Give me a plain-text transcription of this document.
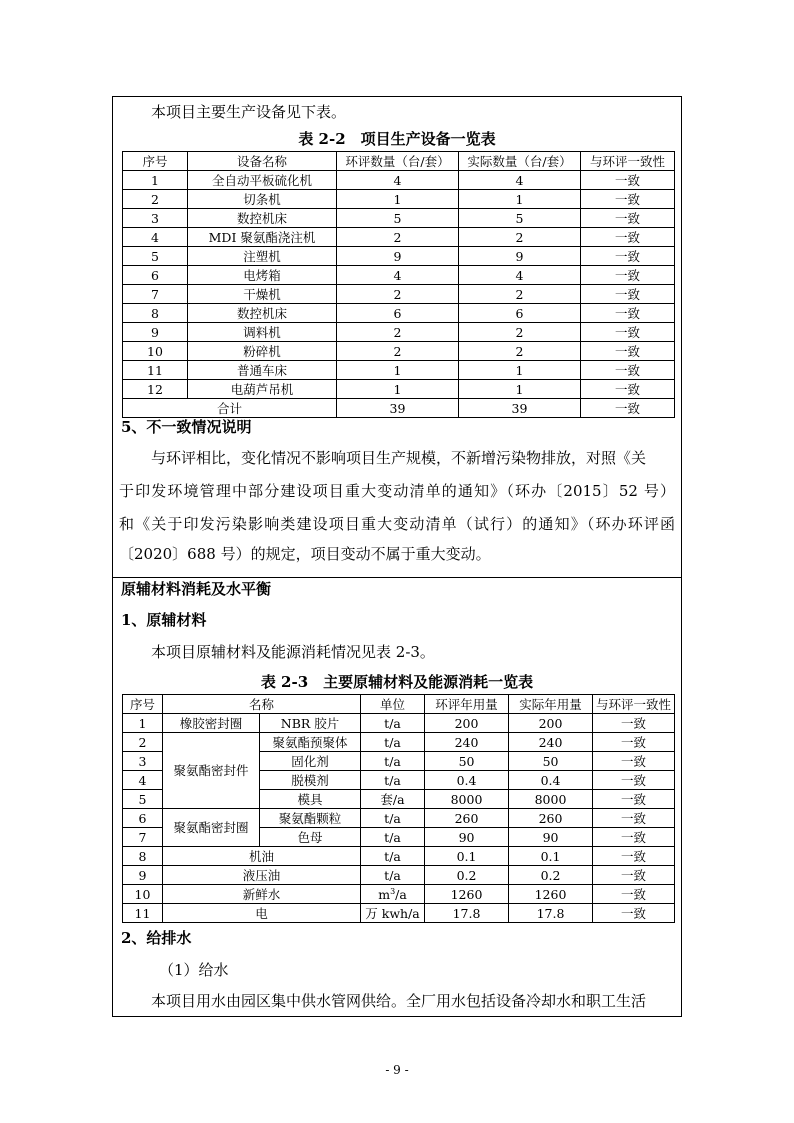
本项目主要生产设备见下表。
表 2-2　项目生产设备一览表
序号	设备名称	环评数量（台/套）	实际数量（台/套）	与环评一致性
1	全自动平板硫化机	4	4	一致
2	切条机	1	1	一致
3	数控机床	5	5	一致
4	MDI 聚氨酯浇注机	2	2	一致
5	注塑机	9	9	一致
6	电烤箱	4	4	一致
7	干燥机	2	2	一致
8	数控机床	6	6	一致
9	调料机	2	2	一致
10	粉碎机	2	2	一致
11	普通车床	1	1	一致
12	电葫芦吊机	1	1	一致
合计		39	39	一致
5、不一致情况说明
与环评相比，变化情况不影响项目生产规模，不新增污染物排放，对照《关
于印发环境管理中部分建设项目重大变动清单的通知》（环办〔2015〕52 号）
和《关于印发污染影响类建设项目重大变动清单（试行）的通知》（环办环评函
〔2020〕688 号）的规定，项目变动不属于重大变动。
原辅材料消耗及水平衡
1、原辅材料
本项目原辅材料及能源消耗情况见表 2-3。
表 2-3　主要原辅材料及能源消耗一览表
序号	名称		单位	环评年用量	实际年用量	与环评一致性
1	橡胶密封圈	NBR 胶片	t/a	200	200	一致
2	聚氨酯密封件	聚氨酯预聚体	t/a	240	240	一致
3		固化剂	t/a	50	50	一致
4		脱模剂	t/a	0.4	0.4	一致
5		模具	套/a	8000	8000	一致
6	聚氨酯密封圈	聚氨酯颗粒	t/a	260	260	一致
7		色母	t/a	90	90	一致
8	机油		t/a	0.1	0.1	一致
9	液压油		t/a	0.2	0.2	一致
10	新鲜水		$m^3/a$	1260	1260	一致
11	电		万 kwh/a	17.8	17.8	一致
2、给排水
（1）给水
本项目用水由园区集中供水管网供给。全厂用水包括设备冷却水和职工生活
- 9 -
